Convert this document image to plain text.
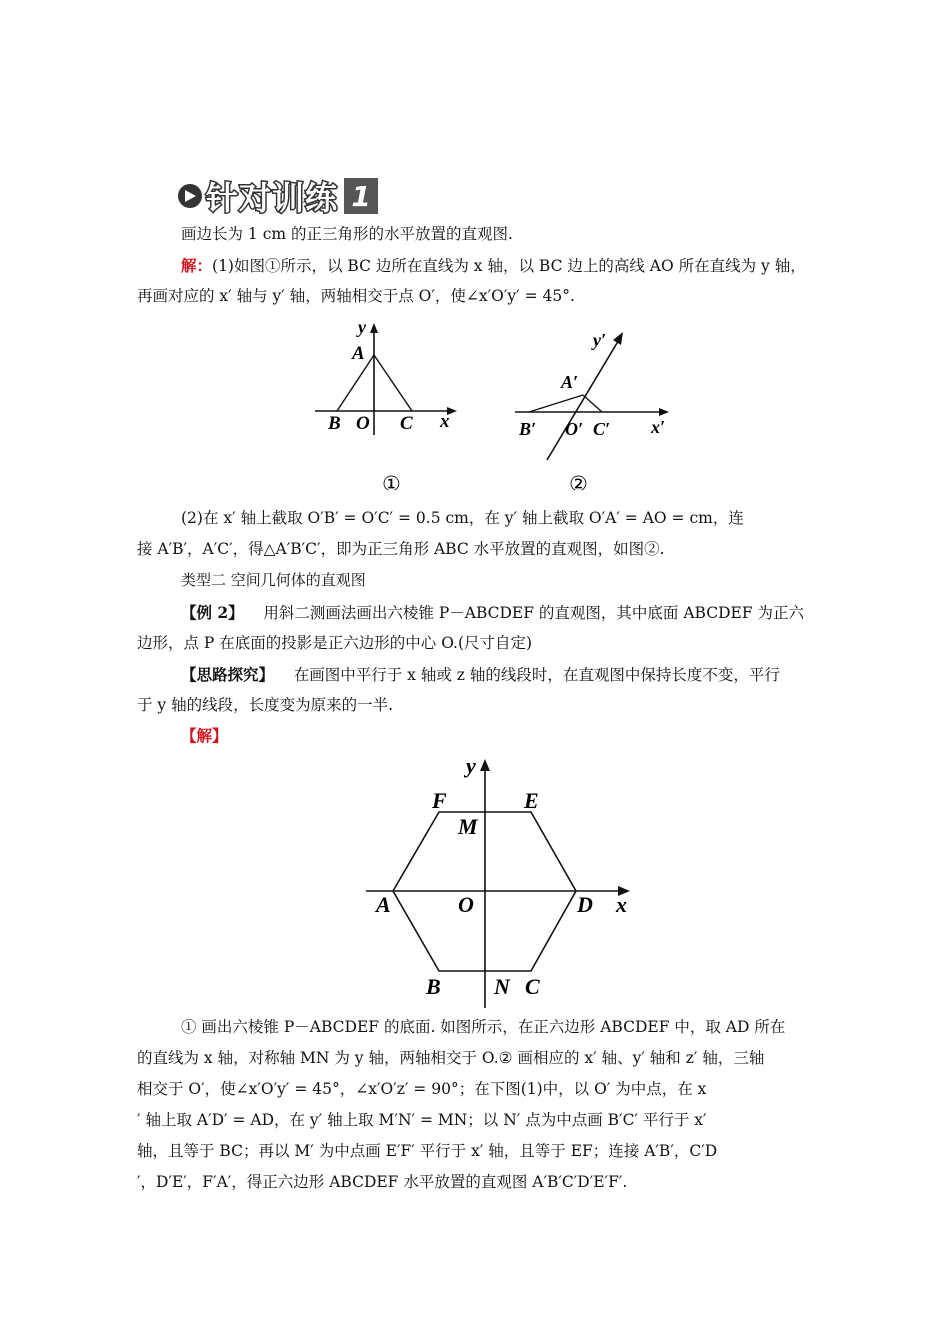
针 对 训 练 1

画边长为 1 cm 的正三角形的水平放置的直观图.

解：(1)如图①所示，以 BC 边所在直线为 x 轴，以 BC 边上的高线 AO 所在直线为 y 轴，

再画对应的 x′ 轴与 y′ 轴，两轴相交于点 O′，使∠x′O′y′ = 45°.

y
A
B O C x
①
y′
A′
B′ O′ C′ x′
②

(2)在 x′ 轴上截取 O′B′ = O′C′ = 0.5 cm，在 y′ 轴上截取 O′A′ = AO = cm，连

接 A′B′，A′C′，得△A′B′C′，即为正三角形 ABC 水平放置的直观图，如图②.

类型二 空间几何体的直观图

【例 2】 用斜二测画法画出六棱锥 P－ABCDEF 的直观图，其中底面 ABCDEF 为正六

边形，点 P 在底面的投影是正六边形的中心 O.(尺寸自定)

【思路探究】 在画图中平行于 x 轴或 z 轴的线段时，在直观图中保持长度不变，平行

于 y 轴的线段，长度变为原来的一半.

【解】

y
F	E
M
A	O	D x
B N C

① 画出六棱锥 P－ABCDEF 的底面. 如图所示，在正六边形 ABCDEF 中，取 AD 所在

的直线为 x 轴，对称轴 MN 为 y 轴，两轴相交于 O.② 画相应的 x′ 轴、y′ 轴和 z′ 轴，三轴

相交于 O′，使∠x′O′y′ = 45°，∠x′O′z′ = 90°；在下图(1)中，以 O′ 为中点，在 x

′ 轴上取 A′D′ = AD，在 y′ 轴上取 M′N′ = MN；以 N′ 点为中点画 B′C′ 平行于 x′

轴，且等于 BC；再以 M′ 为中点画 E′F′ 平行于 x′ 轴，且等于 EF；连接 A′B′，C′D

′，D′E′，F′A′，得正六边形 ABCDEF 水平放置的直观图 A′B′C′D′E′F′.
